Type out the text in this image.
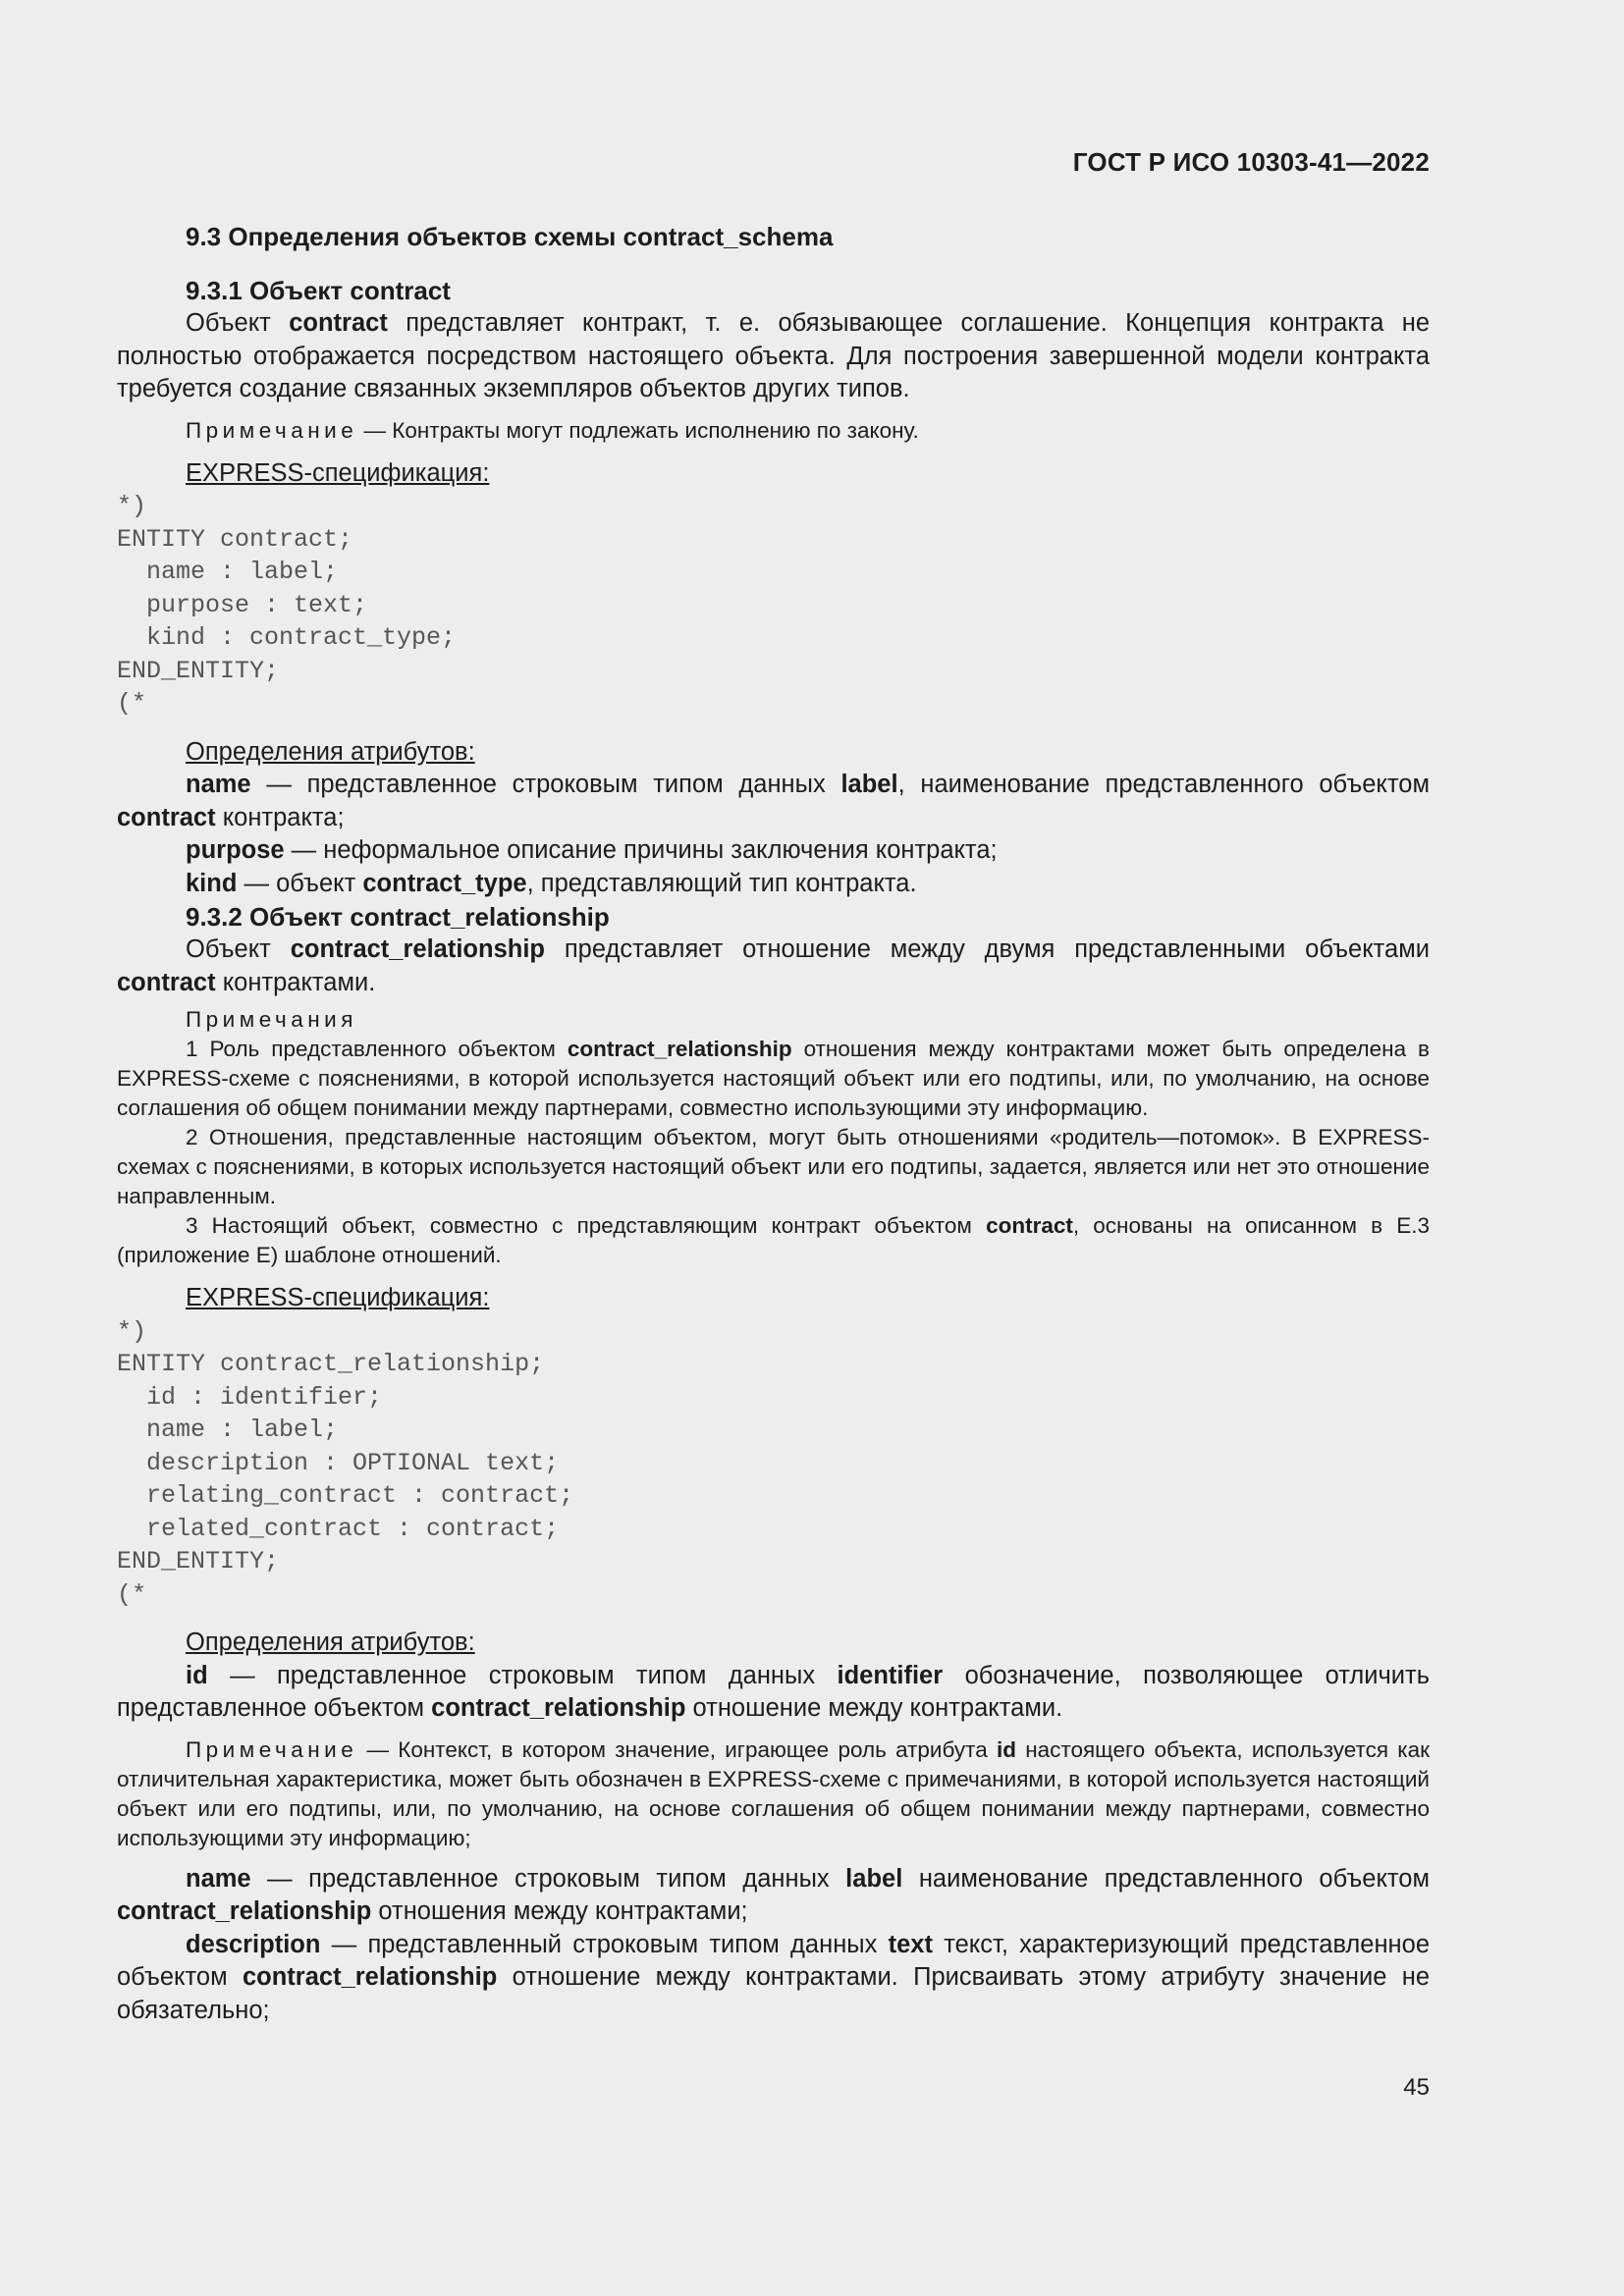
ГОСТ Р ИСО 10303-41—2022
9.3 Определения объектов схемы contract_schema
9.3.1 Объект contract

Объект contract представляет контракт, т. е. обязывающее соглашение. Концепция контракта не полностью отображается посредством настоящего объекта. Для построения завершенной модели контракта требуется создание связанных экземпляров объектов других типов.

Примечание — Контракты могут подлежать исполнению по закону.

EXPRESS-спецификация:
*)
ENTITY contract;
name : label;
purpose : text;
kind : contract_type;
END_ENTITY;
(*
Определения атрибутов:

name — представленное строковым типом данных label, наименование представленного объектом contract контракта;

purpose — неформальное описание причины заключения контракта;

kind — объект contract_type, представляющий тип контракта.

9.3.2 Объект contract_relationship

Объект contract_relationship представляет отношение между двумя представленными объектами contract контрактами.

Примечания

1 Роль представленного объектом contract_relationship отношения между контрактами может быть определена в EXPRESS-схеме с пояснениями, в которой используется настоящий объект или его подтипы, или, по умолчанию, на основе соглашения об общем понимании между партнерами, совместно использующими эту информацию.

2 Отношения, представленные настоящим объектом, могут быть отношениями «родитель—потомок». В EXPRESS-схемах с пояснениями, в которых используется настоящий объект или его подтипы, задается, является или нет это отношение направленным.

3 Настоящий объект, совместно с представляющим контракт объектом contract, основаны на описанном в Е.3 (приложение Е) шаблоне отношений.

EXPRESS-спецификация:
*)
ENTITY contract_relationship;
id : identifier;
name : label;
description : OPTIONAL text;
relating_contract : contract;
related_contract : contract;
END_ENTITY;
(*
Определения атрибутов:

id — представленное строковым типом данных identifier обозначение, позволяющее отличить представленное объектом contract_relationship отношение между контрактами.

Примечание — Контекст, в котором значение, играющее роль атрибута id настоящего объекта, используется как отличительная характеристика, может быть обозначен в EXPRESS-схеме с примечаниями, в которой используется настоящий объект или его подтипы, или, по умолчанию, на основе соглашения об общем понимании между партнерами, совместно использующими эту информацию;

name — представленное строковым типом данных label наименование представленного объектом contract_relationship отношения между контрактами;

description — представленный строковым типом данных text текст, характеризующий представленное объектом contract_relationship отношение между контрактами. Присваивать этому атрибуту значение не обязательно;

45
